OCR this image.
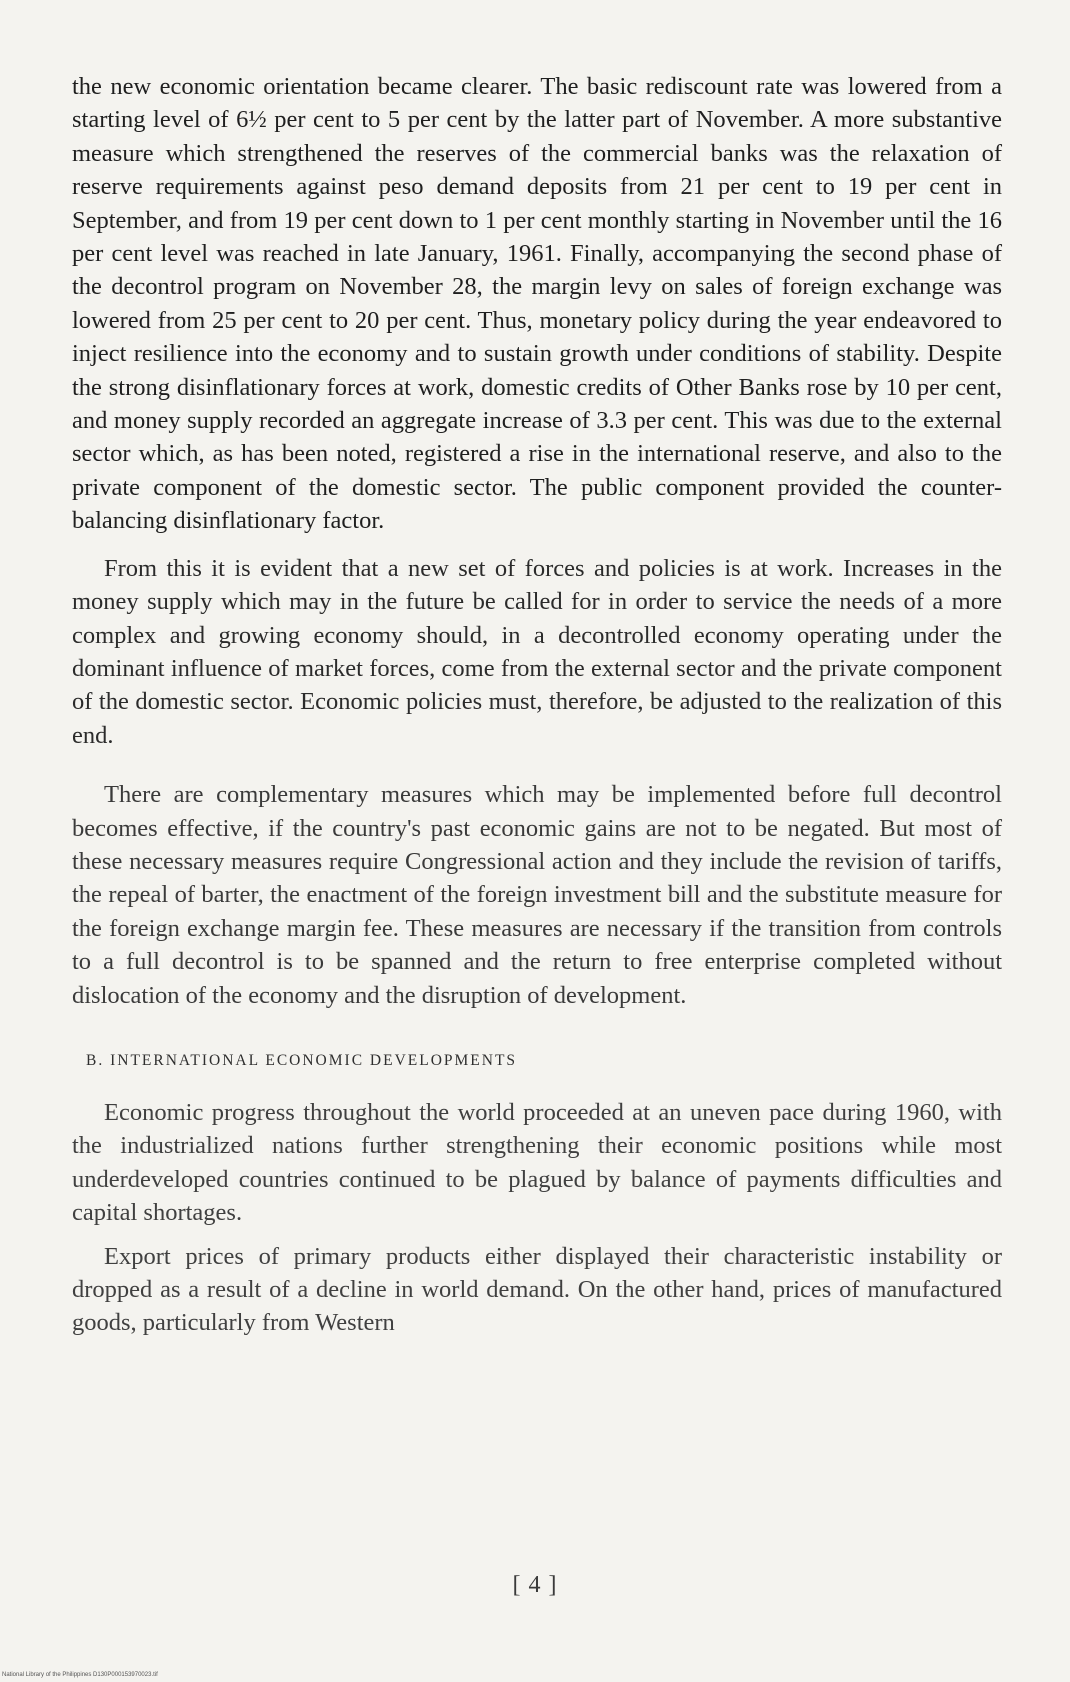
the new economic orientation became clearer. The basic rediscount rate was lowered from a starting level of 6½ per cent to 5 per cent by the latter part of November. A more substantive measure which strengthened the reserves of the commercial banks was the relaxation of reserve requirements against peso demand deposits from 21 per cent to 19 per cent in September, and from 19 per cent down to 1 per cent monthly starting in November until the 16 per cent level was reached in late January, 1961. Finally, accompanying the second phase of the decontrol program on November 28, the margin levy on sales of foreign exchange was lowered from 25 per cent to 20 per cent. Thus, monetary policy during the year endeavored to inject resilience into the economy and to sustain growth under conditions of stability. Despite the strong disinflationary forces at work, domestic credits of Other Banks rose by 10 per cent, and money supply recorded an aggregate increase of 3.3 per cent. This was due to the external sector which, as has been noted, registered a rise in the international reserve, and also to the private component of the domestic sector. The public component provided the counter-balancing disinflationary factor.

From this it is evident that a new set of forces and policies is at work. Increases in the money supply which may in the future be called for in order to service the needs of a more complex and growing economy should, in a decontrolled economy operating under the dominant influence of market forces, come from the external sector and the private component of the domestic sector. Economic policies must, therefore, be adjusted to the realization of this end.

There are complementary measures which may be implemented before full decontrol becomes effective, if the country's past economic gains are not to be negated. But most of these necessary measures require Congressional action and they include the revision of tariffs, the repeal of barter, the enactment of the foreign investment bill and the substitute measure for the foreign exchange margin fee. These measures are necessary if the transition from controls to a full decontrol is to be spanned and the return to free enterprise completed without dislocation of the economy and the disruption of development.

B. INTERNATIONAL ECONOMIC DEVELOPMENTS

Economic progress throughout the world proceeded at an uneven pace during 1960, with the industrialized nations further strengthening their economic positions while most underdeveloped countries continued to be plagued by balance of payments difficulties and capital shortages.

Export prices of primary products either displayed their characteristic instability or dropped as a result of a decline in world demand. On the other hand, prices of manufactured goods, particularly from Western

[ 4 ]
National Library of the Philippines D130P000153970023.tif
